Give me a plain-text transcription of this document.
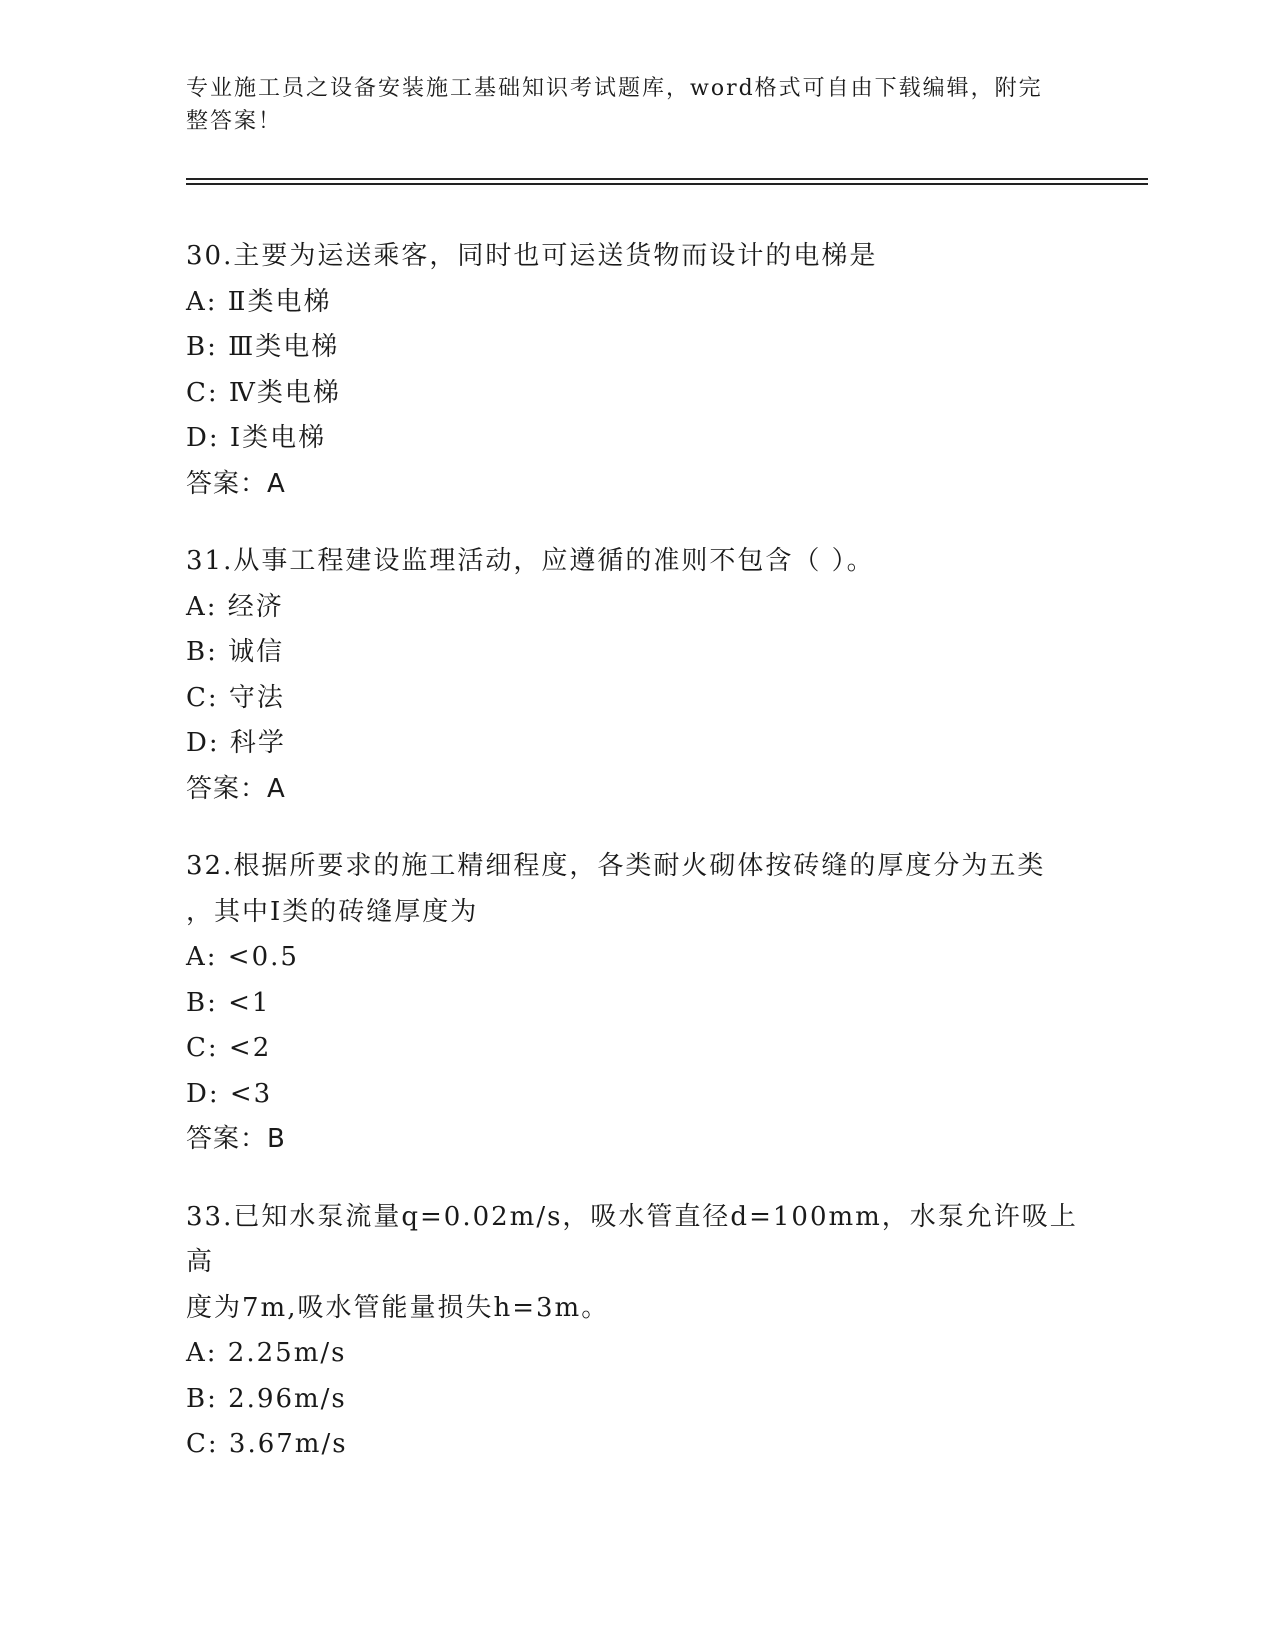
专业施工员之设备安装施工基础知识考试题库，word格式可自由下载编辑，附完
整答案！
30.主要为运送乘客，同时也可运送货物而设计的电梯是
A: Ⅱ类电梯
B: Ⅲ类电梯
C: Ⅳ类电梯
D: Ⅰ类电梯
答案：A
31.从事工程建设监理活动，应遵循的准则不包含（ ）。
A: 经济
B: 诚信
C: 守法
D: 科学
答案：A
32.根据所要求的施工精细程度，各类耐火砌体按砖缝的厚度分为五类
，其中Ⅰ类的砖缝厚度为
A: <0.5
B: <1
C: <2
D: <3
答案：B
33.已知水泵流量q=0.02m/s，吸水管直径d=100mm，水泵允许吸上高
度为7m,吸水管能量损失h=3m。
A: 2.25m/s
B: 2.96m/s
C: 3.67m/s
